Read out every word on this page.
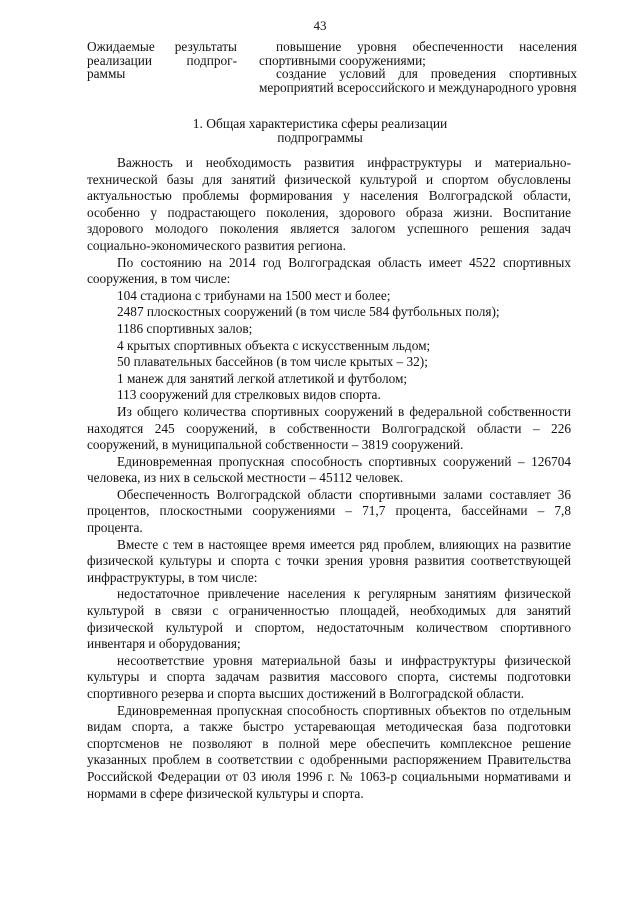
43
Ожидаемые результаты
реализации подпрог-
раммы

повышение уровня обеспеченности населения спортивными сооружениями;

создание условий для проведения спортивных мероприятий всероссийского и международного уровня

1. Общая характеристика сферы реализации
подпрограммы

Важность и необходимость развития инфраструктуры и материально-технической базы для занятий физической культурой и спортом обусловлены актуальностью проблемы формирования у населения Волгоградской области, особенно у подрастающего поколения, здорового образа жизни. Воспитание здорового молодого поколения является залогом успешного решения задач социально-экономического развития региона.

По состоянию на 2014 год Волгоградская область имеет 4522 спортивных сооружения, в том числе:

104 стадиона с трибунами на 1500 мест и более;

2487 плоскостных сооружений (в том числе 584 футбольных поля);

1186 спортивных залов;

4 крытых спортивных объекта с искусственным льдом;

50 плавательных бассейнов (в том числе крытых – 32);

1 манеж для занятий легкой атлетикой и футболом;

113 сооружений для стрелковых видов спорта.

Из общего количества спортивных сооружений в федеральной собственности находятся 245 сооружений, в собственности Волгоградской области – 226 сооружений, в муниципальной собственности – 3819 сооружений.

Единовременная пропускная способность спортивных сооружений – 126704 человека, из них в сельской местности – 45112 человек.

Обеспеченность Волгоградской области спортивными залами составляет 36 процентов, плоскостными сооружениями – 71,7 процента, бассейнами – 7,8 процента.

Вместе с тем в настоящее время имеется ряд проблем, влияющих на развитие физической культуры и спорта с точки зрения уровня развития соответствующей инфраструктуры, в том числе:

недостаточное привлечение населения к регулярным занятиям физической культурой в связи с ограниченностью площадей, необходимых для занятий физической культурой и спортом, недостаточным количеством спортивного инвентаря и оборудования;

несоответствие уровня материальной базы и инфраструктуры физической культуры и спорта задачам развития массового спорта, системы подготовки спортивного резерва и спорта высших достижений в Волгоградской области.

Единовременная пропускная способность спортивных объектов по отдельным видам спорта, а также быстро устаревающая методическая база подготовки спортсменов не позволяют в полной мере обеспечить комплексное решение указанных проблем в соответствии с одобренными распоряжением Правительства Российской Федерации от 03 июля 1996 г. № 1063-р социальными нормативами и нормами в сфере физической культуры и спорта.
